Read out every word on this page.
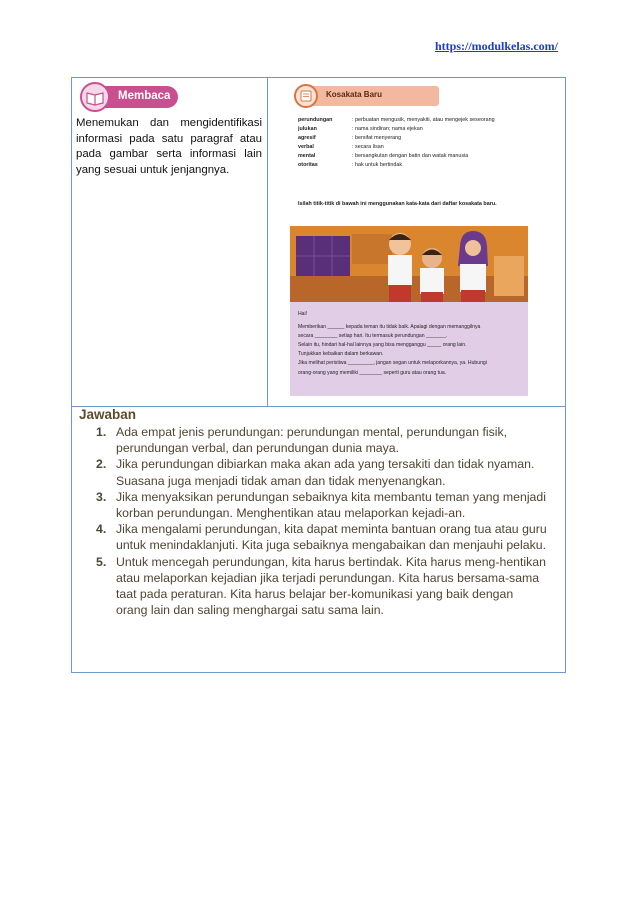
https://modulkelas.com/
Membaca
Menemukan dan mengidentifikasi informasi pada satu paragraf atau pada gambar serta informasi lain yang sesuai untuk jenjangnya.
Kosakata Baru
perundungan	: perbuatan mengusik, menyakiti, atau mengejek seseorang
julukan	: nama sindiran; nama ejekan
agresif	: bersifat menyerang
verbal	: secara lisan
mental	: bersangkutan dengan batin dan watak manusia
otoritas	: hak untuk bertindak
Isilah titik-titik di bawah ini menggunakan kata-kata dari daftar kosakata baru.
Hai!
Memberikan ______ kepada teman itu tidak baik. Apalagi dengan memanggilnya
secara ________ setiap hari. Itu termasuk perundungan _______.
Selain itu, hindari hal-hal lainnya yang bisa mengganggu _____ orang lain.
Tunjukkan kebaikan dalam berkawan.
Jika melihat peristiwa _________, jangan segan untuk melaporkannya, ya. Hubungi
orang-orang yang memiliki ________ seperti guru atau orang tua.
Jawaban
1. Ada empat jenis perundungan: perundungan mental, perundungan fisik, perundungan verbal, dan perundungan dunia maya.
2. Jika perundungan dibiarkan maka akan ada yang tersakiti dan tidak nyaman. Suasana juga menjadi tidak aman dan tidak menyenangkan.
3. Jika menyaksikan perundungan sebaiknya kita membantu teman yang menjadi korban perundungan. Menghentikan atau melaporkan kejadi-an.
4. Jika mengalami perundungan, kita dapat meminta bantuan orang tua atau guru untuk menindaklanjuti. Kita juga sebaiknya mengabaikan dan menjauhi pelaku.
5. Untuk mencegah perundungan, kita harus bertindak. Kita harus meng-hentikan atau melaporkan kejadian jika terjadi perundungan. Kita harus bersama-sama taat pada peraturan. Kita harus belajar ber-komunikasi yang baik dengan orang lain dan saling menghargai satu sama lain.
